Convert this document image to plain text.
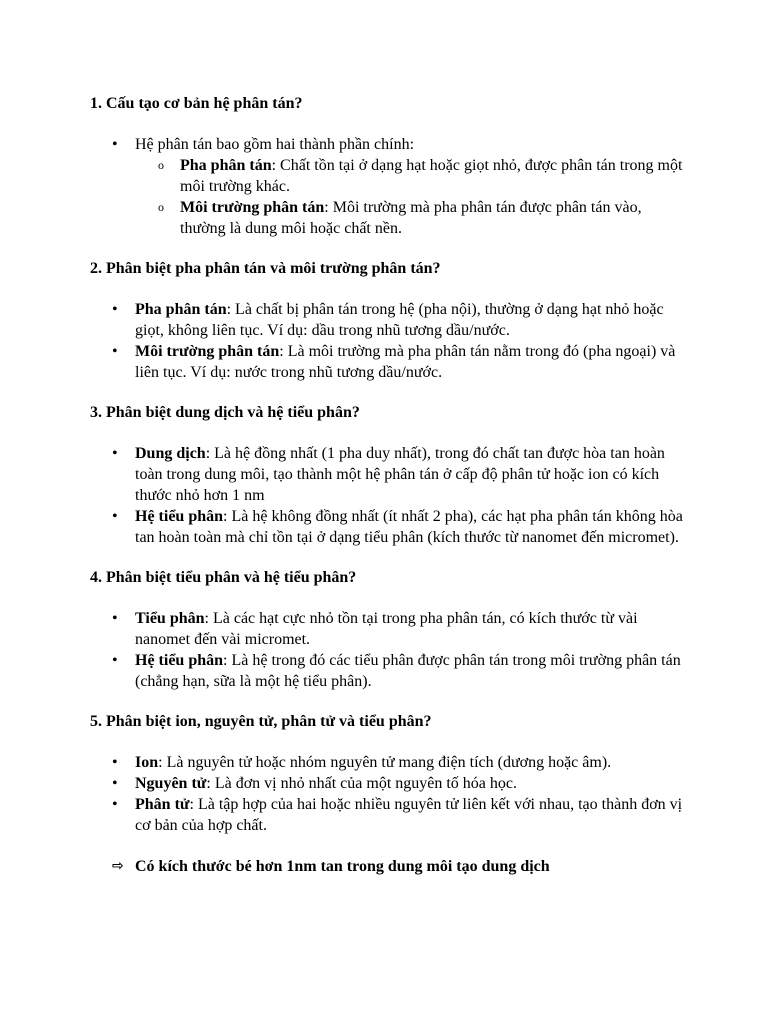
1. Cấu tạo cơ bản hệ phân tán?

• Hệ phân tán bao gồm hai thành phần chính:
o Pha phân tán: Chất tồn tại ở dạng hạt hoặc giọt nhỏ, được phân tán trong một môi trường khác.
o Môi trường phân tán: Môi trường mà pha phân tán được phân tán vào, thường là dung môi hoặc chất nền.

2. Phân biệt pha phân tán và môi trường phân tán?

• Pha phân tán: Là chất bị phân tán trong hệ (pha nội), thường ở dạng hạt nhỏ hoặc giọt, không liên tục. Ví dụ: dầu trong nhũ tương dầu/nước.
• Môi trường phân tán: Là môi trường mà pha phân tán nằm trong đó (pha ngoại) và liên tục. Ví dụ: nước trong nhũ tương dầu/nước.

3. Phân biệt dung dịch và hệ tiểu phân?

• Dung dịch: Là hệ đồng nhất (1 pha duy nhất), trong đó chất tan được hòa tan hoàn toàn trong dung môi, tạo thành một hệ phân tán ở cấp độ phân tử hoặc ion có kích thước nhỏ hơn 1 nm
• Hệ tiểu phân: Là hệ không đồng nhất (ít nhất 2 pha), các hạt pha phân tán không hòa tan hoàn toàn mà chỉ tồn tại ở dạng tiểu phân (kích thước từ nanomet đến micromet).

4. Phân biệt tiểu phân và hệ tiểu phân?

• Tiểu phân: Là các hạt cực nhỏ tồn tại trong pha phân tán, có kích thước từ vài nanomet đến vài micromet.
• Hệ tiểu phân: Là hệ trong đó các tiểu phân được phân tán trong môi trường phân tán (chẳng hạn, sữa là một hệ tiểu phân).

5. Phân biệt ion, nguyên tử, phân tử và tiểu phân?

• Ion: Là nguyên tử hoặc nhóm nguyên tử mang điện tích (dương hoặc âm).
• Nguyên tử: Là đơn vị nhỏ nhất của một nguyên tố hóa học.
• Phân tử: Là tập hợp của hai hoặc nhiều nguyên tử liên kết với nhau, tạo thành đơn vị cơ bản của hợp chất.
⇨ Có kích thước bé hơn 1nm tan trong dung môi tạo dung dịch
